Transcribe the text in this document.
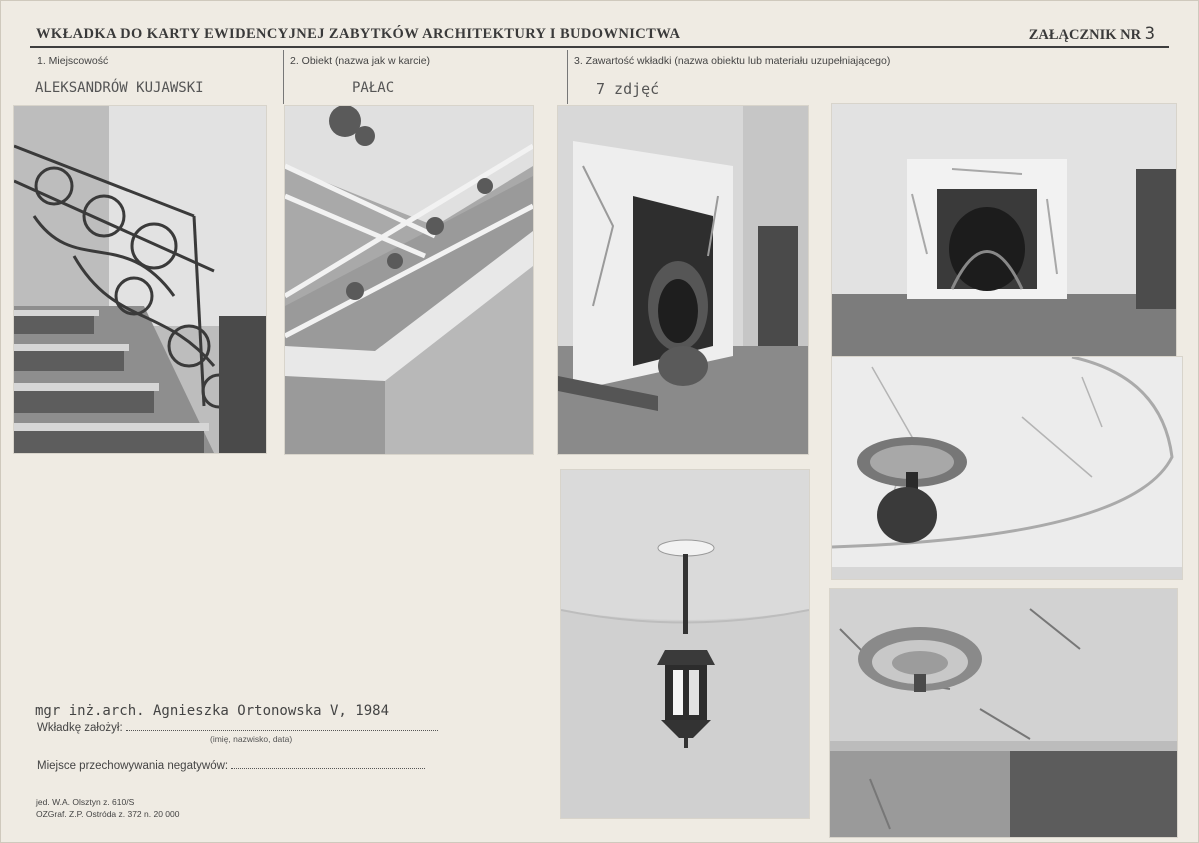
WKŁADKA DO KARTY EWIDENCYJNEJ ZABYTKÓW ARCHITEKTURY I BUDOWNICTWA	ZAŁĄCZNIK NR 3
1. Miejscowość
ALEKSANDRÓW KUJAWSKI
2. Obiekt (nazwa jak w karcie)
PAŁAC
3. Zawartość wkładki (nazwa obiektu lub materiału uzupełniającego)
7 zdjęć
mgr inż.arch. Agnieszka Ortonowska V, 1984
Wkładkę założył:
(imię, nazwisko, data)
Miejsce przechowywania negatywów:
jed. W.A. Olsztyn z. 610/S
OZGraf. Z.P. Ostróda z. 372 n. 20 000
